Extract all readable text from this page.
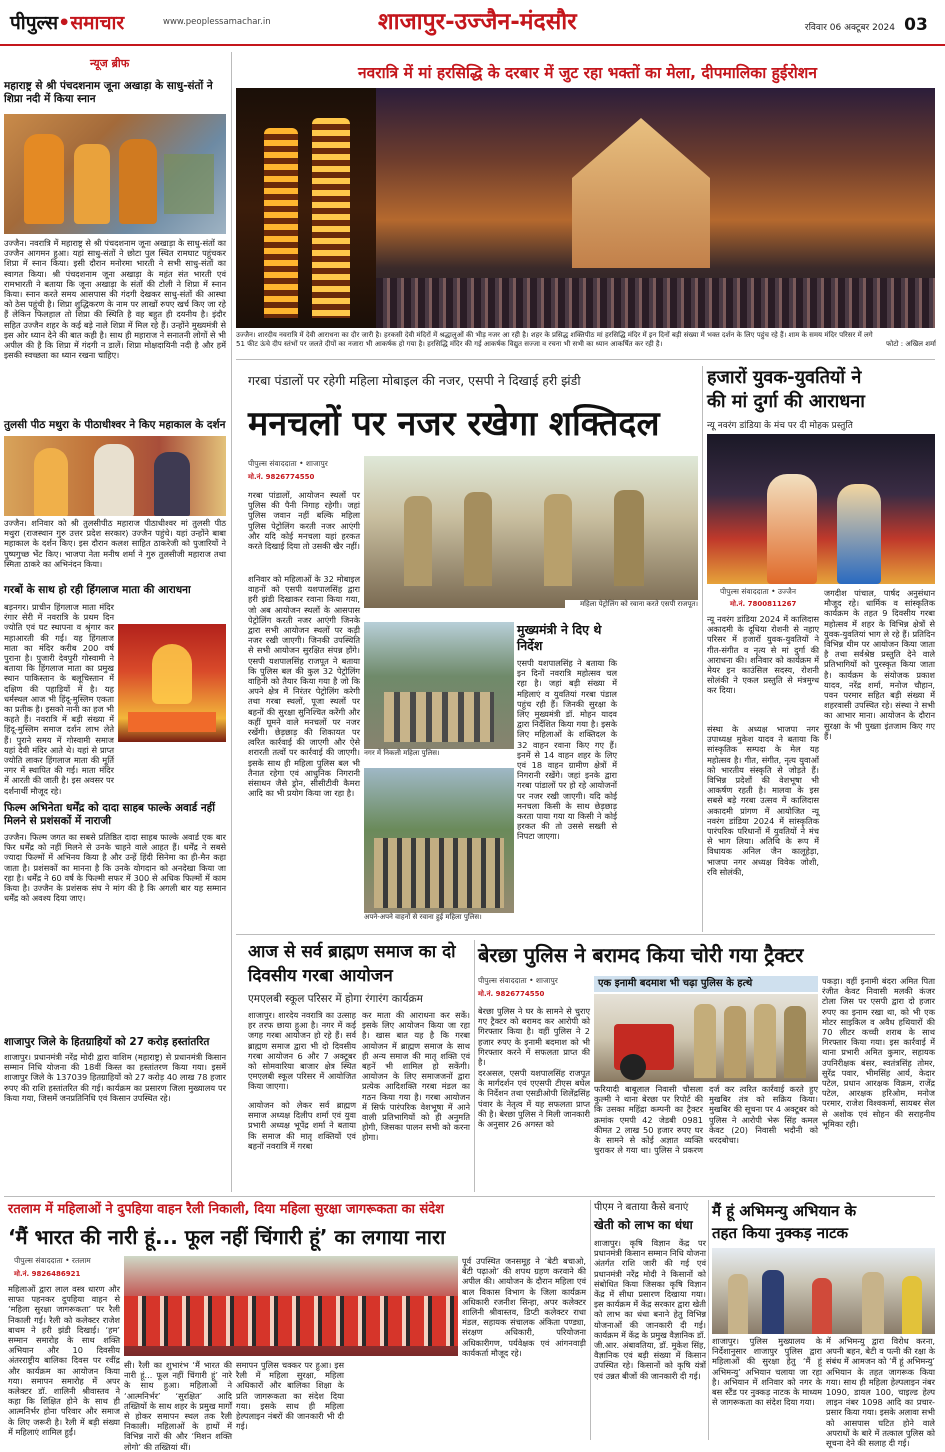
पीपुल्स•समाचार	www.peoplessamachar.in	शाजापुर-उज्जैन-मंदसौर	रविवार 06 अक्टूबर 2024 03
न्यूज ब्रीफ
महाराष्ट्र से श्री पंचदशनाम जूना अखाड़ा के साधु-संतों ने शिप्रा नदी में किया स्नान
उज्जैन। नवरात्रि में महाराष्ट्र से श्री पंचदशनाम जूना अखाड़ा के साधु-संतों का उज्जैन आगमन हुआ। यहां साधु-संतों ने छोटा पुल स्थित रामघाट पहुंचकर शिप्रा में स्नान किया। इसी दौरान मनोरमा भारती ने सभी साधु-संतों का स्वागत किया। श्री पंचदशनाम जूना अखाड़ा के महंत संत भारती एवं रामभारती ने बताया कि जूना अखाड़ा के संतों की टोली ने शिप्रा में स्नान किया। स्नान करते समय आसपास की गंदगी देखकर साधु-संतों की आस्था को ठेस पहुंची है। शिप्रा शुद्धिकरण के नाम पर लाखों रुपए खर्च किए जा रहे हैं लेकिन फिलहाल तो शिप्रा की स्थिति है वह बहुत ही दयनीय है। इंदौर सहित उज्जैन शहर के कई बड़े नाले शिप्रा में मिल रहे हैं। उन्होंने मुख्यमंत्री से इस ओर ध्यान देने की बात कही है। साथ ही महाराज ने सनातनी लोगों से भी अपील की है कि शिप्रा में गंदगी न डालें। शिप्रा मोक्षदायिनी नदी है और हमें इसकी स्वच्छता का ध्यान रखना चाहिए।
तुलसी पीठ मथुरा के पीठाधीश्वर ने किए महाकाल के दर्शन
उज्जैन। शनिवार को श्री तुलसीपीठ महाराज पीठाधीश्वर मां तुलसी पीठ मथुरा (राजस्थान गुरु उत्तर प्रदेश सरकार) उज्जैन पहुंचे। यहां उन्होंने बाबा महाकाल के दर्शन किए। इस दौरान कलश साहित ठाकरेजी को पुजारियों ने पुष्पगुच्छ भेंट किए। भाजपा नेता मनीष शर्मा ने गुरु तुलसीजी महाराज तथा स्मिता ठाकरे का अभिनंदन किया।
गरबों के साथ हो रही हिंगलाज माता की आराधना
बड़नगर। प्राचीन हिंगलाज माता मंदिर रंगार सेरी में नवरात्रि के प्रथम दिन ज्योति एवं घट स्थापना व श्रृंगार कर महाआरती की गई। यह हिंगलाज माता का मंदिर करीब 200 वर्ष पुराना है। पुजारी देवपुरी गोस्वामी ने बताया कि हिंगलाज माता का प्रमुख स्थान पाकिस्तान के बलूचिस्तान में दक्षिण की पहाड़ियों में है। यह धर्मस्थल आज भी हिंदू-मुस्लिम एकता का प्रतीक है। इसको नानी का हज भी कहते हैं। नवरात्रि में बड़ी संख्या में हिंदू-मुस्लिम समाज दर्शन लाभ लेते हैं। पुराने समय में गोस्वामी समाज यहां देवी मंदिर आते थे। यहां से प्राप्त ज्योति लाकर हिंगलाज माता की मूर्ति नगर में स्थापित की गई। माता मंदिर में आरती की जाती है। इस अवसर पर दर्शनार्थी मौजूद रहे।
फिल्म अभिनेता धर्मेंद्र को दादा साहब फाल्के अवार्ड नहीं मिलने से प्रशंसकों में नाराजी
उज्जैन। फिल्म जगत का सबसे प्रतिष्ठित दादा साहब फाल्के अवार्ड एक बार फिर धर्मेंद्र को नहीं मिलने से उनके चाहने वाले आहत हैं। धर्मेंद्र ने सबसे ज्यादा फिल्मों में अभिनय किया है और उन्हें हिंदी सिनेमा का ही-मैन कहा जाता है। प्रशंसकों का मानना है कि उनके योगदान को अनदेखा किया जा रहा है। धर्मेंद्र ने 60 वर्ष के फिल्मी सफर में 300 से अधिक फिल्मों में काम किया है। उज्जैन के प्रशंसक संघ ने मांग की है कि अगली बार यह सम्मान धर्मेंद्र को अवश्य दिया जाए।
शाजापुर जिले के हितग्राहियों को 27 करोड़ हस्तांतरित
शाजापुर। प्रधानमंत्री नरेंद्र मोदी द्वारा वाशिम (महाराष्ट्र) से प्रधानमंत्री किसान सम्मान निधि योजना की 18वीं किस्त का हस्तांतरण किया गया। इसमें शाजापुर जिले के 137039 हितग्राहियों को 27 करोड़ 40 लाख 78 हजार रुपए की राशि हस्तांतरित की गई। कार्यक्रम का प्रसारण जिला मुख्यालय पर किया गया, जिसमें जनप्रतिनिधि एवं किसान उपस्थित रहे।
नवरात्रि में मां हरसिद्धि के दरबार में जुट रहा भक्तों का मेला, दीपमालिका हुईरोशन
उज्जैन। शारदीय नवरात्रि में देवी आराधना का दौर जारी है। हरकसी देवी मंदिरों में श्रद्धालुओं की भीड़ नजर आ रही है। शहर के प्रसिद्ध शक्तिपीठ मां हरसिद्धि मंदिर में इन दिनों बड़ी संख्या में भक्त दर्शन के लिए पहुंच रहे हैं। शाम के समय मंदिर परिसर में लगे 51 फीट ऊंचे दीप स्तंभों पर जलते दीपों का नजारा भी आकर्षक हो गया है। हरसिद्धि मंदिर की गई आकर्षक विद्युत सज्जा व रचना भी सभी का ध्यान आकर्षित कर रही है।	फोटो : अखिल शर्मा
गरबा पंडालों पर रहेगी महिला मोबाइल की नजर, एसपी ने दिखाई हरी झंडी
मनचलों पर नजर रखेगा शक्तिदल
पीपुल्स संवाददाता • शाजापुर
मो.नं. 9826774550
गरबा पांडालों, आयोजन स्थलों पर पुलिस की पैनी निगाह रहेगी। जहां पुलिस जवान नहीं बल्कि महिला पुलिस पेट्रोलिंग करती नजर आएंगी और यदि कोई मनचला यहां हरकत करते दिखाई दिया तो उसकी खैर नहीं।
शनिवार को महिलाओं के 32 मोबाइल वाहनों को एसपी यशपालसिंह द्वारा हरी झंडी दिखाकर रवाना किया गया, जो अब आयोजन स्थलों के आसपास पेट्रोलिंग करती नजर आएंगी जिनके द्वारा सभी आयोजन स्थलों पर कड़ी नजर रखी जाएगी। जिनकी उपस्थिति से सभी आयोजन सुरक्षित संपन्न होंगे। एसपी यशपालसिंह राजपूत ने बताया कि पुलिस बल की कुल 32 पेट्रोलिंग वाहिनी को तैयार किया गया है जो कि अपने क्षेत्र में निरंतर पेट्रोलिंग करेगी तथा गरबा स्थलों, पूजा स्थलों पर बहनों की सुरक्षा सुनिश्चित करेंगी और कहीं घूमने वाले मनचलों पर नजर रखेंगी। छेड़छाड़ की शिकायत पर त्वरित कार्रवाई की जाएगी और ऐसे शरारती तत्वों पर कार्रवाई की जाएगी। इसके साथ ही महिला पुलिस बल भी तैनात रहेगा एवं आधुनिक निगरानी संसाधन जैसे ड्रोन, सीसीटीवी कैमरा आदि का भी प्रयोग किया जा रहा है।
महिला पेट्रोलिंग को रवाना करते एसपी राजपूत।
नगर में निकली महिला पुलिस।
अपने-अपने वाहनों से रवाना हुई महिला पुलिस।
मुख्यमंत्री ने दिए थे निर्देश
एसपी यशपालसिंह ने बताया कि इन दिनों नवरात्रि महोत्सव चल रहा है। जहां बड़ी संख्या में महिलाएं व युवतियां गरबा पंडाल पहुंच रही हैं। जिनकी सुरक्षा के लिए मुख्यमंत्री डॉ. मोहन यादव द्वारा निर्देशित किया गया है। इसके लिए महिलाओं के शक्तिदल के 32 वाहन रवाना किए गए हैं। इनमें से 14 वाहन शहर के लिए एवं 18 वाहन ग्रामीण क्षेत्रों में निगरानी रखेंगे। जहां इनके द्वारा गरबा पांडालों पर हो रहे आयोजनों पर नजर रखी जाएगी। यदि कोई मनचला किसी के साथ छेड़छाड़ करता पाया गया या किसी ने कोई हरकत की तो उससे सख्ती से निपटा जाएगा।
हजारों युवक-युवतियों ने
की मां दुर्गा की आराधना
न्यू नवरंग डांडिया के मंच पर दी मोहक प्रस्तुति
पीपुल्स संवाददाता • उज्जैन
मो.नं. 7800811267
न्यू नवरंग डांडिया 2024 में कालिदास अकादमी के दूधिया रोशनी से नहाए परिसर में हजारों युवक-युवतियों ने गीत-संगीत व नृत्य से मां दुर्गा की आराधना की। शनिवार को कार्यक्रम में मेयर इन काउंसिल सदस्य, रोशनी सोलंकी ने एकल प्रस्तुति से मंत्रमुग्ध कर दिया।
संस्था के अध्यक्ष भाजपा नगर उपाध्यक्ष मुकेश यादव ने बताया कि सांस्कृतिक सम्पदा के मेल यह महोत्सव है। गीत, संगीत, नृत्य युवाओं को भारतीय संस्कृति से जोड़ते हैं। विभिन्न प्रदेशों की वेशभूषा भी आकर्षण रहती है। मालवा के इस सबसे बड़े गरबा उत्सव में कालिदास अकादमी प्रांगण में आयोजित न्यू नवरंग डांडिया 2024 में सांस्कृतिक पारंपरिक परिधानों में युवतियों ने मंच से भाग लिया। अतिथि के रूप में विधायक अनिल जैन कालूहेड़ा, भाजपा नगर अध्यक्ष विवेक जोशी, रवि सोलंकी,
जगदीश पांचाल, पार्षद अनुसंधान मौजूद रहे। धार्मिक व सांस्कृतिक कार्यक्रम के तहत 9 दिवसीय गरबा महोत्सव में शहर के विभिन्न क्षेत्रों से युवक-युवतियां भाग ले रहे हैं। प्रतिदिन विभिन्न थीम पर आयोजन किया जाता है तथा सर्वश्रेष्ठ प्रस्तुति देने वाले प्रतिभागियों को पुरस्कृत किया जाता है। कार्यक्रम के संयोजक प्रकाश यादव, नरेंद्र शर्मा, मनोज चौहान, पवन परमार सहित बड़ी संख्या में शहरवासी उपस्थित रहे। संस्था ने सभी का आभार माना। आयोजन के दौरान सुरक्षा के भी पुख्ता इंतजाम किए गए हैं।
आज से सर्व ब्राह्मण समाज का दो दिवसीय गरबा आयोजन
एमएलबी स्कूल परिसर में होगा रंगारंग कार्यक्रम
शाजापुर। शारदेय नवरात्रि का उत्साह हर तरफ छाया हुआ है। नगर में कई जगह गरबा आयोजन हो रहे हैं। सर्व ब्राह्मण समाज द्वारा भी दो दिवसीय गरबा आयोजन 6 और 7 अक्टूबर को सोमवारिया बाजार क्षेत्र स्थित एमएलबी स्कूल परिसर में आयोजित किया जाएगा।
आयोजन को लेकर सर्व ब्राह्मण समाज अध्यक्ष दिलीप शर्मा एवं युवा प्रभारी अध्यक्ष भूपेंद्र शर्मा ने बताया कि समाज की मातृ शक्तियों एवं बहनों नवरात्रि में गरबा
कर माता की आराधना कर सकें। इसके लिए आयोजन किया जा रहा है। खास बात यह है कि गरबा आयोजन में ब्राह्मण समाज के साथ ही अन्य समाज की मातृ शक्ति एवं बहनें भी शामिल हो सकेंगी। आयोजन के लिए समाजजनों द्वारा प्रत्येक आदिशक्ति गरबा मंडल का गठन किया गया है। गरबा आयोजन में सिर्फ पारंपरिक वेशभूषा में आने वाली प्रतिभागियों को ही अनुमति होगी, जिसका पालन सभी को करना होगा।
बेरछा पुलिस ने बरामद किया चोरी गया ट्रैक्टर
पीपुल्स संवाददाता • शाजापुर
मो.नं. 9826774550
बेरछा पुलिस ने घर के सामने से चुराए गए ट्रैक्टर को बरामद कर आरोपी को गिरफ्तार किया है। वहीं पुलिस ने 2 हजार रुपए के इनामी बदमाश को भी गिरफ्तार करने में सफलता प्राप्त की है।
दरअसल, एसपी यशपालसिंह राजपूत के मार्गदर्शन एवं एएसपी टीएस बघेल के निर्देशन तथा एसडीओपी शिलेंद्रसिंह पंवार के नेतृत्व में यह सफलता प्राप्त की है। बेरछा पुलिस ने मिली जानकारी के अनुसार 26 अगस्त को
एक इनामी बदमाश भी चढ़ा पुलिस के हत्थे
फरियादी बाबूलाल निवासी चौसला कुल्मी ने थाना बेरछा पर रिपोर्ट की कि उसका महिंद्रा कम्पनी का ट्रैक्टर क्रमांक एमपी 42 जेडबी 0981 कीमत 2 लाख 50 हजार रुपए घर के सामने से कोई अज्ञात व्यक्ति चुराकर ले गया था। पुलिस ने प्रकरण दर्ज कर त्वरित कार्रवाई करते हुए मुखबिर तंत्र को सक्रिय किया। मुखबिर की सूचना पर 4 अक्टूबर को पुलिस ने आरोपी भेरू सिंह कमल केवट (20) निवासी भदौनी को धरदबोचा।
पकड़ा। वहीं इनामी बंदरा अमित पिता रंजीत केवट निवासी मलकी कंजर टोला जिस पर एसपी द्वारा दो हजार रुपए का इनाम रखा था, को भी एक मोटर साइकिल व अवैध हथियारों की 70 लीटर कच्ची शराब के साथ गिरफ्तार किया गया। इस कार्रवाई में थाना प्रभारी अमित कुमार, सहायक उपनिरीक्षक बंसर, स्वतंत्रसिंह तोमर, सुरेंद्र पवार, भीमसिंह आर्य, केदार पटेल, प्रधान आरक्षक विक्रम, राजेंद्र पटेल, आरक्षक हरिओम, मनोज परमार, राजेश विश्वकर्मा, सायबर सेल से अशोक एवं सोहन की सराहनीय भूमिका रही।
रतलाम में महिलाओं ने दुपहिया वाहन रैली निकाली, दिया महिला सुरक्षा जागरूकता का संदेश
‘मैं भारत की नारी हूं... फूल नहीं चिंगारी हूं’ का लगाया नारा
पीपुल्स संवाददाता • रतलाम
मो.नं. 9826486921
महिलाओं द्वारा लाल वस्त्र धारण और साफा पहनकर दुपहिया वाहन से ‘महिला सुरक्षा जागरूकता’ पर रैली निकाली गई। रैली को कलेक्टर राजेश बाथम ने हरी झंडी दिखाई। ‘हम’ सम्मान समारोह के साथ शक्ति अभियान और 10 दिवसीय अंतरराष्ट्रीय बालिका दिवस पर रवींद्र और कार्यक्रम का आयोजन किया गया। समापन समारोह में अपर कलेक्टर डॉ. शालिनी श्रीवास्तव ने कहा कि शिक्षित होने के साथ ही आत्मनिर्भर होना परिवार और समाज के लिए जरूरी है। रैली में बड़ी संख्या में महिलाएं शामिल हुईं।
सी। रैली का शुभारंभ ‘मैं भारत की नारी हूं... फूल नहीं चिंगारी हूं’ नारे के साथ हुआ। महिलाओं ने ‘आत्मनिर्भर’ ‘सुरक्षित’ आदि तख्तियों के साथ शहर के प्रमुख मार्गों से होकर समापन स्थल तक रैली निकाली। महिलाओं के हाथों में विभिन्न नारों की और ‘मिशन शक्ति लोगो’ की तख्तियां थीं।
समापन पुलिस चक्कर पर हुआ। इस रैली में महिला सुरक्षा, महिला अधिकारों और बालिका शिक्षा के प्रति जागरूकता का संदेश दिया गया। इसके साथ ही महिला हेल्पलाइन नंबरों की जानकारी भी दी गई।
पूर्व उपस्थित जनसमूह ने ‘बेटी बचाओ, बेटी पढ़ाओ’ की शपथ ग्रहण करवाने की अपील की। आयोजन के दौरान महिला एवं बाल विकास विभाग के जिला कार्यक्रम अधिकारी रजनीश सिन्हा, अपर कलेक्टर शालिनी श्रीवास्तव, डिप्टी कलेक्टर राधा मंडल, सहायक संचालक अंकिता पण्ड्या, संरक्षण अधिकारी, परियोजना अधिकारीगण, पर्यवेक्षक एवं आंगनवाड़ी कार्यकर्ता मौजूद रहे।
पीएम ने बताया कैसे बनाएं
खेती को लाभ का धंधा
शाजापुर। कृषि विज्ञान केंद्र पर प्रधानमंत्री किसान सम्मान निधि योजना अंतर्गत राशि जारी की गई एवं प्रधानमंत्री नरेंद्र मोदी ने किसानों को संबोधित किया जिसका कृषि विज्ञान केंद्र में सीधा प्रसारण दिखाया गया। इस कार्यक्रम में केंद्र सरकार द्वारा खेती को लाभ का धंधा बनाने हेतु विभिन्न योजनाओं की जानकारी दी गई। कार्यक्रम में केंद्र के प्रमुख वैज्ञानिक डॉ. जी.आर. अंबावतिया, डॉ. मुकेश सिंह, वैज्ञानिक एवं बड़ी संख्या में किसान उपस्थित रहे। किसानों को कृषि यंत्रों एवं उन्नत बीजों की जानकारी दी गई।
मैं हूं अभिमन्यु अभियान के
तहत किया नुक्कड़ नाटक
शाजापुर। पुलिस मुख्यालय के निर्देशानुसार शाजापुर पुलिस द्वारा महिलाओं की सुरक्षा हेतु ‘मैं हूं अभिमन्यु’ अभियान चलाया जा रहा है। अभियान में शनिवार को नगर के बस स्टैंड पर नुक्कड़ नाटक के माध्यम से जागरूकता का संदेश दिया गया।
में अभिमन्यु द्वारा विरोध करना, अपनी बहन, बेटी व पत्नी की रक्षा के संबंध में आमजन को ‘मैं हूं अभिमन्यु’ अभियान के तहत जागरूक किया गया। साथ ही महिला हेल्पलाइन नंबर 1090, डायल 100, चाइल्ड हेल्प लाइन नंबर 1098 आदि का प्रचार-प्रसार किया गया। इसके अलावा सभी को आसपास घटित होने वाले अपराधों के बारे में तत्काल पुलिस को सूचना देने की सलाह दी गई।
